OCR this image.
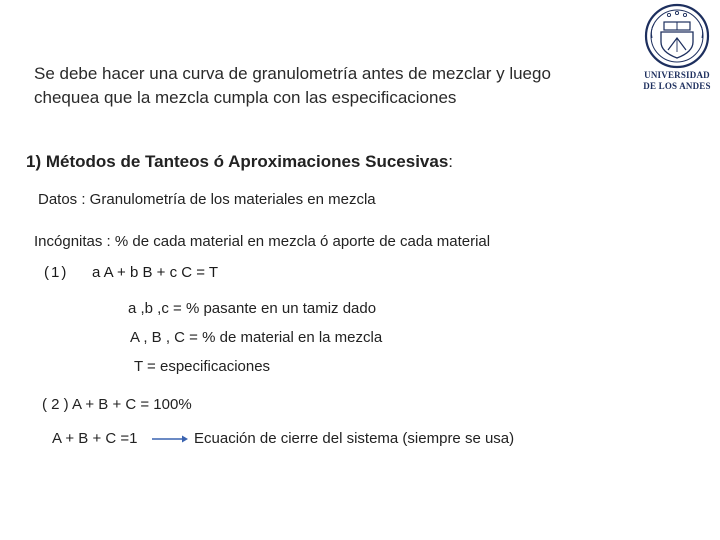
Se debe hacer una curva de granulometría antes de mezclar y luego
chequea que la mezcla cumpla con las especificaciones
1) Métodos de Tanteos ó Aproximaciones Sucesivas:
Datos : Granulometría de los materiales en mezcla
Incógnitas : % de cada material en mezcla ó aporte de cada material
(1) a A + b B + c C = T
a ,b ,c = % pasante en un tamiz dado
A , B , C = % de material en la mezcla
T = especificaciones
( 2 ) A + B + C = 100%
A + B + C =1	Ecuación de cierre del sistema (siempre se usa)
UNIVERSIDAD
DE LOS ANDES
